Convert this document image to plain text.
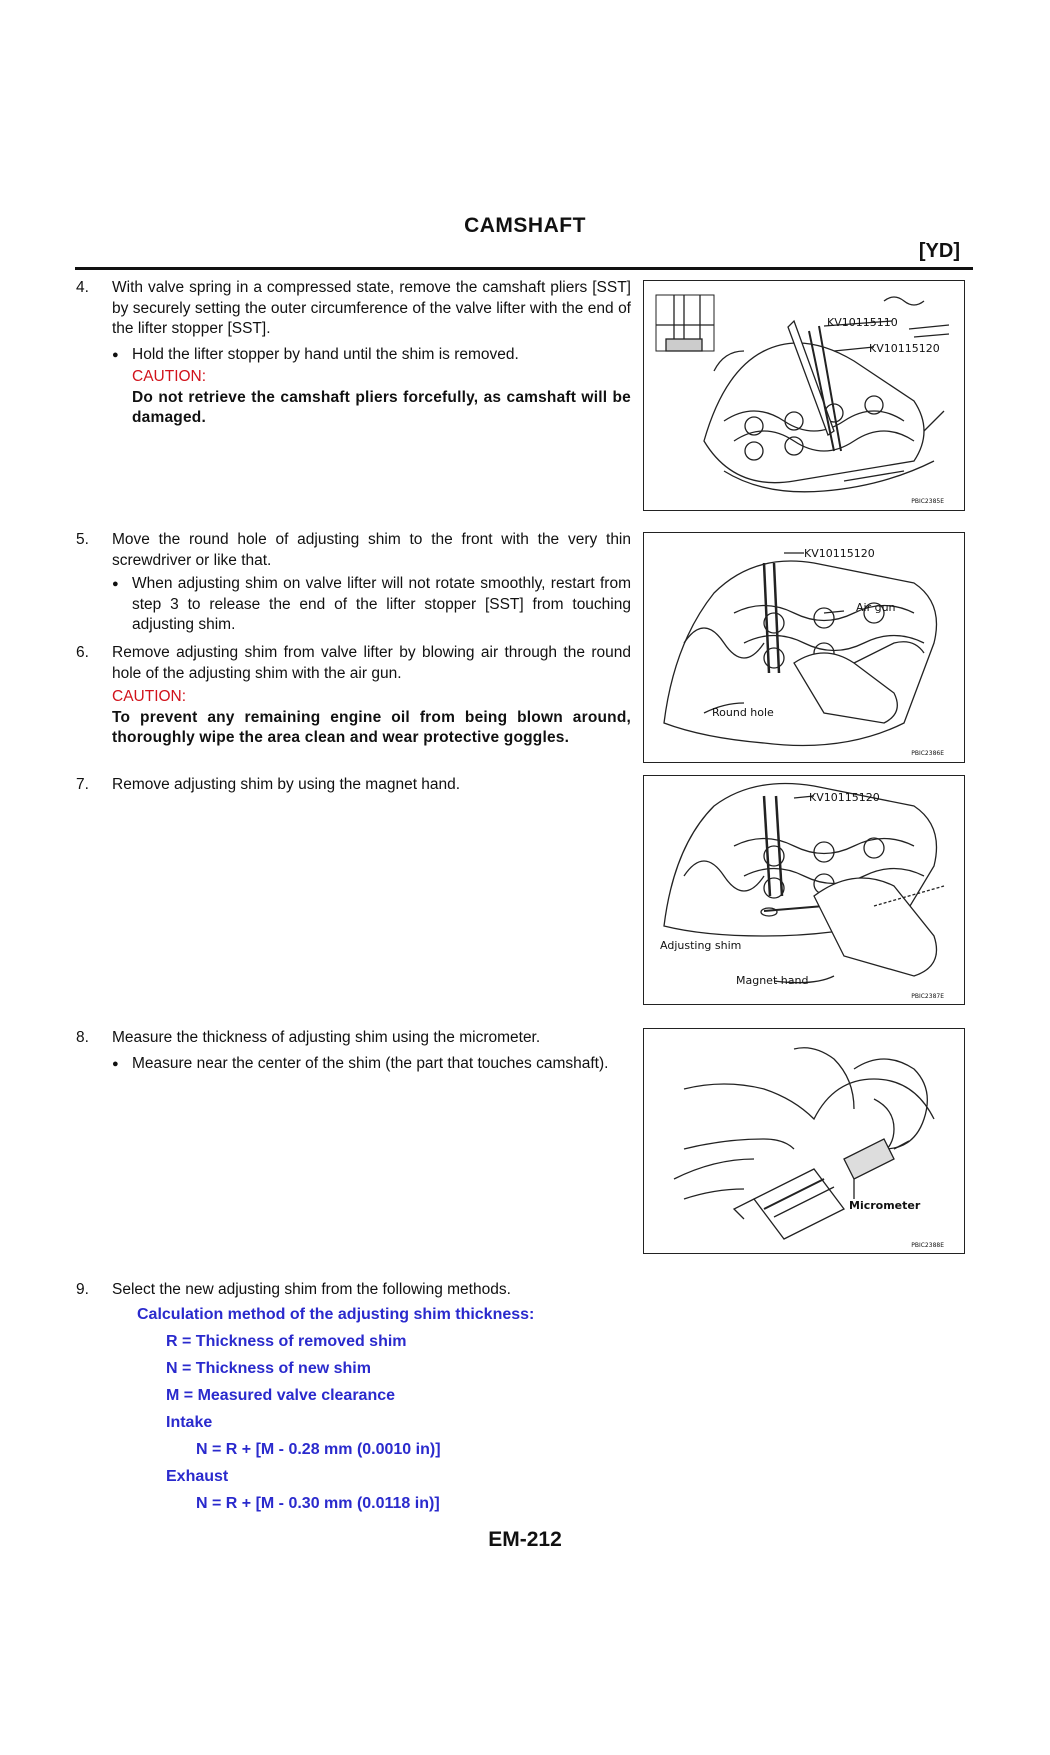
CAMSHAFT
[YD]
4. With valve spring in a compressed state, remove the camshaft pliers [SST] by securely setting the outer circumference of the valve lifter with the end of the lifter stopper [SST].
● Hold the lifter stopper by hand until the shim is removed.
CAUTION:
Do not retrieve the camshaft pliers forcefully, as camshaft will be damaged.
5. Move the round hole of adjusting shim to the front with the very thin screwdriver or like that.
● When adjusting shim on valve lifter will not rotate smoothly, restart from step 3 to release the end of the lifter stopper [SST] from touching adjusting shim.
6. Remove adjusting shim from valve lifter by blowing air through the round hole of the adjusting shim with the air gun.
CAUTION:
To prevent any remaining engine oil from being blown around, thoroughly wipe the area clean and wear protective goggles.
7. Remove adjusting shim by using the magnet hand.
8. Measure the thickness of adjusting shim using the micrometer.
● Measure near the center of the shim (the part that touches camshaft).
9. Select the new adjusting shim from the following methods.
Calculation method of the adjusting shim thickness:
R = Thickness of removed shim
N = Thickness of new shim
M = Measured valve clearance
Intake
N = R + [M - 0.28 mm (0.0010 in)]
Exhaust
N = R + [M - 0.30 mm (0.0118 in)]
KV10115110
KV10115120
PBIC2385E
KV10115120
Air gun
Round hole
PBIC2386E
KV10115120
Adjusting shim
Magnet hand
PBIC2387E
Micrometer
PBIC2388E
EM-212
